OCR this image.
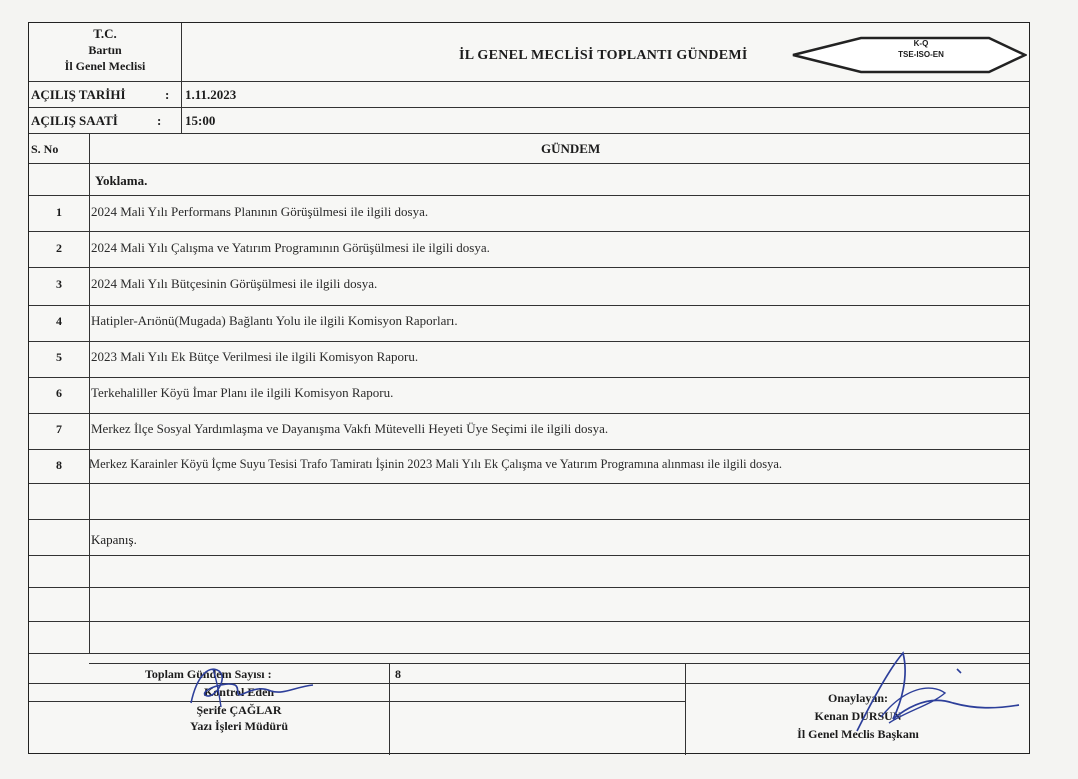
T.C.
Bartın
İl Genel Meclisi
İL GENEL MECLİSİ TOPLANTI GÜNDEMİ
K-Q
TSE-ISO-EN
AÇILIŞ TARİHİ	: 1.11.2023
AÇILIŞ SAATİ	: 15:00
S. No	GÜNDEM
Yoklama.
1	2024 Mali Yılı Performans Planının Görüşülmesi ile ilgili dosya.
2	2024 Mali Yılı Çalışma ve Yatırım Programının Görüşülmesi ile ilgili dosya.
3	2024 Mali Yılı Bütçesinin Görüşülmesi ile ilgili dosya.
4	Hatipler-Arıönü(Mugada) Bağlantı Yolu ile ilgili Komisyon Raporları.
5	2023 Mali Yılı Ek Bütçe Verilmesi ile ilgili Komisyon Raporu.
6	Terkehaliller Köyü İmar Planı ile ilgili Komisyon Raporu.
7	Merkez İlçe Sosyal Yardımlaşma ve Dayanışma Vakfı Mütevelli Heyeti Üye Seçimi ile ilgili dosya.
8	Merkez Karainler Köyü İçme Suyu Tesisi Trafo Tamiratı İşinin 2023 Mali Yılı Ek Çalışma ve Yatırım Programına alınması ile ilgili dosya.
Kapanış.
Toplam Gündem Sayısı :	8
Kontrol Eden
Şerife ÇAĞLAR
Yazı İşleri Müdürü
Onaylayan:
Kenan DURSUN
İl Genel Meclis Başkanı
